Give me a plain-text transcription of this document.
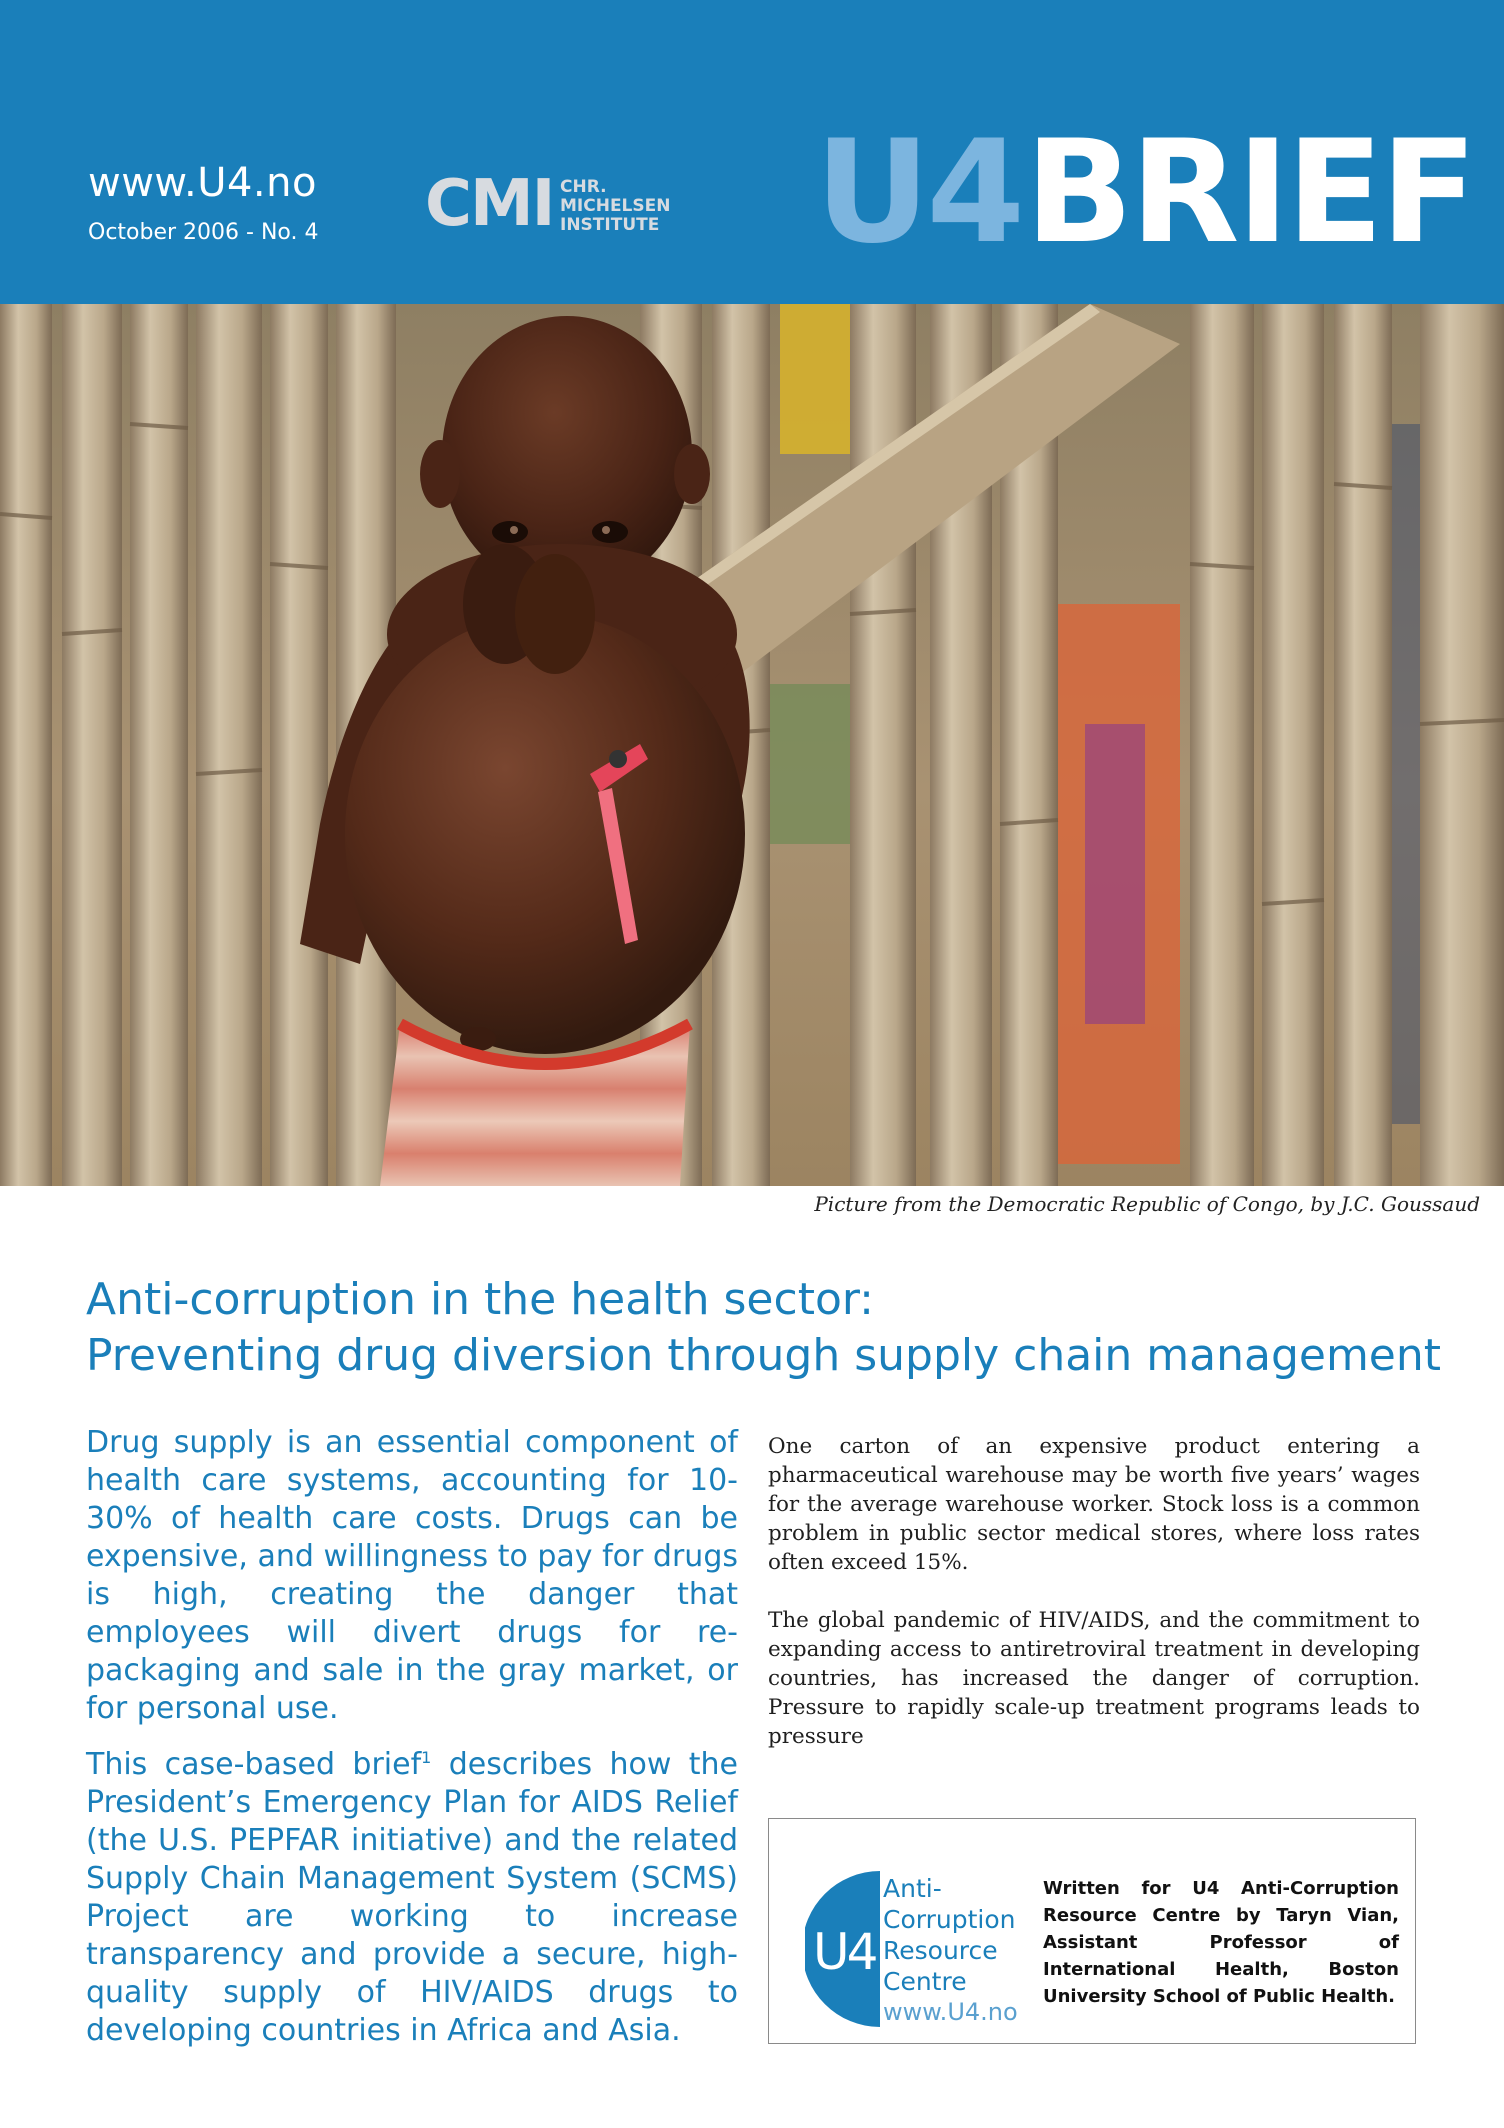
www.U4.no
October 2006 - No. 4 CMI CHR.
MICHELSEN
INSTITUTE U4 BRIEF
Picture from the Democratic Republic of Congo, by J.C. Goussaud
Anti-corruption in the health sector:
Preventing drug diversion through supply chain management

Drug supply is an essential component of health care systems, accounting for 10-30% of health care costs. Drugs can be expensive, and willingness to pay for drugs is high, creating the danger that employees will divert drugs for re-packaging and sale in the gray market, or for personal use.

This case-based brief$^1$ describes how the President’s Emergency Plan for AIDS Relief (the U.S. PEPFAR initiative) and the related Supply Chain Management System (SCMS) Project are working to increase transparency and provide a secure, high-quality supply of HIV/AIDS drugs to developing countries in Africa and Asia.

One carton of an expensive product entering a pharmaceutical warehouse may be worth five years’ wages for the average warehouse worker. Stock loss is a common problem in public sector medical stores, where loss rates often exceed 15%.

The global pandemic of HIV/AIDS, and the commitment to expanding access to antiretroviral treatment in developing countries, has increased the danger of corruption. Pressure to rapidly scale-up treatment programs leads to pressure

U4
Anti-
Corruption
Resource
Centre
www.U4.no
Written for U4 Anti-Corruption Resource Centre by Taryn Vian, Assistant Professor of International Health, Boston University School of Public Health.
